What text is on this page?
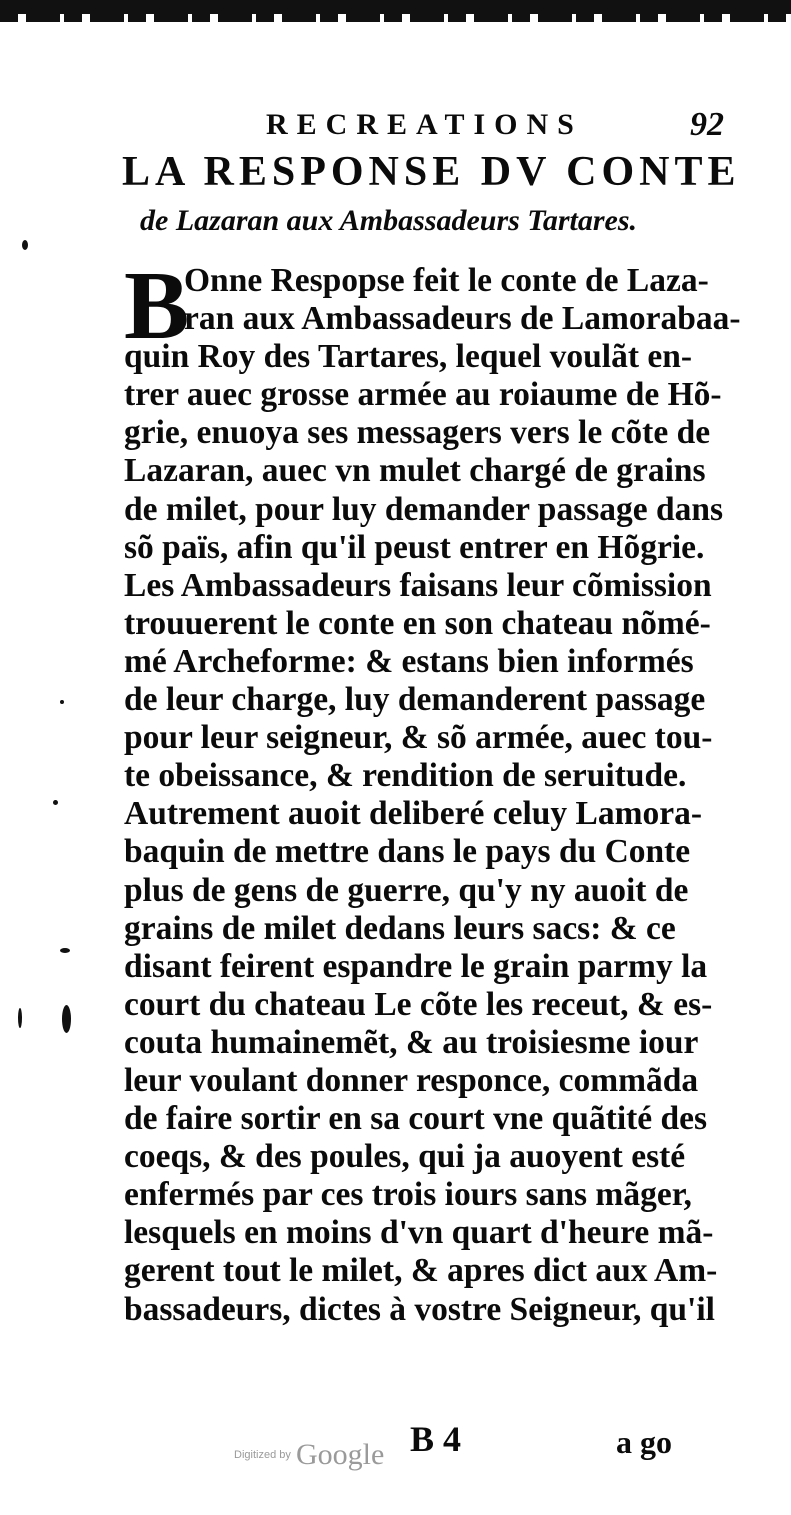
RECREATIONS	92
LA RESPONSE DV CONTE
de Lazaran aux Ambassadeurs Tartares.
B
Onne Respopse feit le conte de Laza-
ran aux Ambassadeurs de Lamorabaa-
quin Roy des Tartares, lequel voulãt en-
trer auec grosse armée au roiaume de Hõ-
grie, enuoya ses messagers vers le cõte de
Lazaran, auec vn mulet chargé de grains
de milet, pour luy demander passage dans
sõ païs, afin qu'il peust entrer en Hõgrie.
Les Ambassadeurs faisans leur cõmission
trouuerent le conte en son chateau nõmé-
mé Archeforme: & estans bien informés
de leur charge, luy demanderent passage
pour leur seigneur, & sõ armée, auec tou-
te obeissance, & rendition de seruitude.
Autrement auoit deliberé celuy Lamora-
baquin de mettre dans le pays du Conte
plus de gens de guerre, qu'y ny auoit de
grains de milet dedans leurs sacs: & ce
disant feirent espandre le grain parmy la
court du chateau Le cõte les receut, & es-
couta humainemẽt, & au troisiesme iour
leur voulant donner responce, commãda
de faire sortir en sa court vne quãtité des
coeqs, & des poules, qui ja auoyent esté
enfermés par ces trois iours sans mãger,
lesquels en moins d'vn quart d'heure mã-
gerent tout le milet, & apres dict aux Am-
bassadeurs, dictes à vostre Seigneur, qu'il
Digitized by Google B 4	a go
